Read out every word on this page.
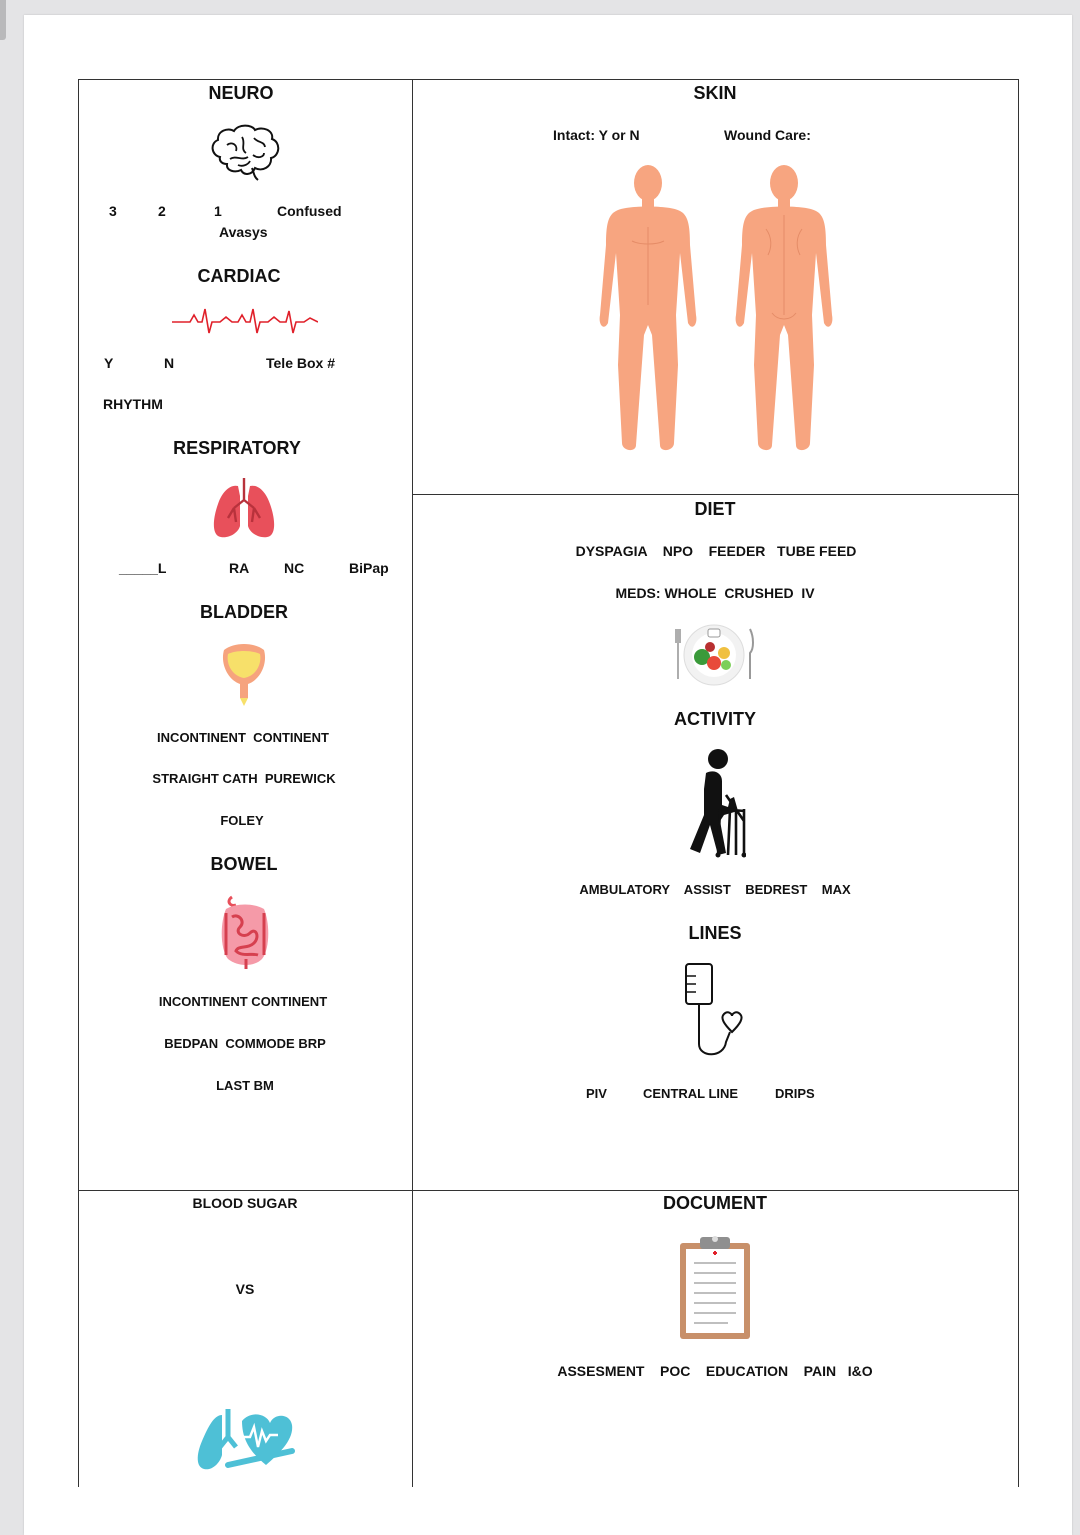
NEURO
3	2	1	Confused
Avasys
CARDIAC
Y	N	Tele Box #
RHYTHM
RESPIRATORY
_____L	RA NC	BiPap
BLADDER
INCONTINENT  CONTINENT
STRAIGHT CATH  PUREWICK
FOLEY
BOWEL
INCONTINENT CONTINENT
BEDPAN  COMMODE BRP
LAST BM
BLOOD SUGAR
VS
SKIN
Intact: Y or N	Wound Care:
DIET
DYSPAGIA    NPO    FEEDER   TUBE FEED
MEDS: WHOLE  CRUSHED  IV
ACTIVITY
AMBULATORY    ASSIST    BEDREST    MAX
LINES
PIV	CENTRAL LINE	DRIPS
DOCUMENT
ASSESMENT    POC    EDUCATION    PAIN   I&O
